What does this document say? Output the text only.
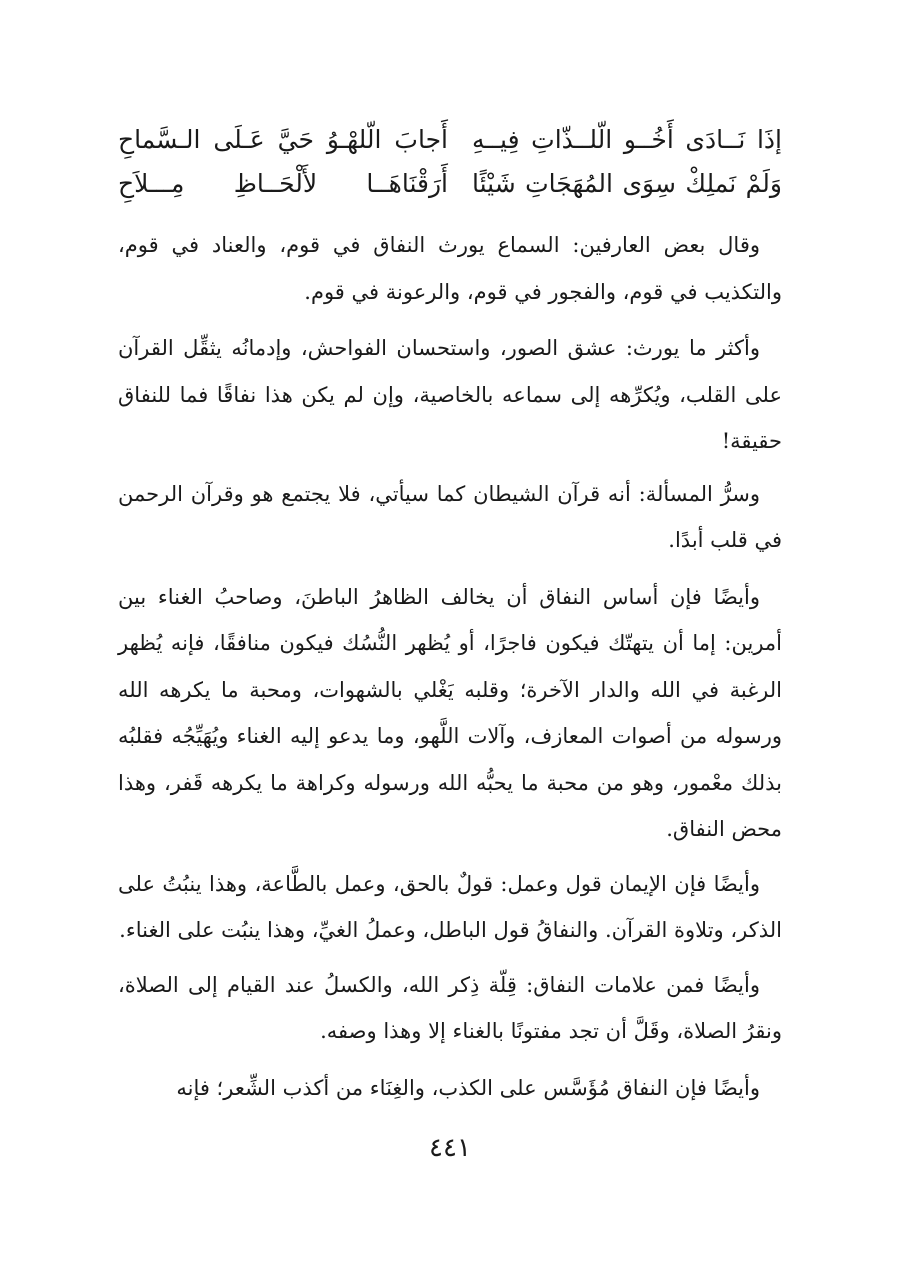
إذَا نَــادَى أَخُــو الّلــذّاتِ فِيــهِ
أَجابَ الّلهْـوُ حَيَّ عَـلَى الـسَّماحِ
وَلَمْ نَملِكْ سِوَى المُهَجَاتِ شَيْئًا
أَرَقْنَاهَــا لأَلْحَــاظِ مِـــلاَحِ

وقال بعض العارفين: السماع يورث النفاق في قوم، والعناد في قوم، والتكذيب في قوم، والفجور في قوم، والرعونة في قوم.

وأكثر ما يورث: عشق الصور، واستحسان الفواحش، وإدمانُه يثقِّل القرآن على القلب، ويُكرِّهه إلى سماعه بالخاصية، وإن لم يكن هذا نفاقًا فما للنفاق حقيقة!

وسرُّ المسألة: أنه قرآن الشيطان كما سيأتي، فلا يجتمع هو وقرآن الرحمن في قلب أبدًا.

وأيضًا فإن أساس النفاق أن يخالف الظاهرُ الباطنَ، وصاحبُ الغناء بين أمرين: إما أن يتهتّك فيكون فاجرًا، أو يُظهر النُّسُك فيكون منافقًا، فإنه يُظهر الرغبة في الله والدار الآخرة؛ وقلبه يَغْلي بالشهوات، ومحبة ما يكرهه الله ورسوله من أصوات المعازف، وآلات اللَّهو، وما يدعو إليه الغناء ويُهَيِّجُه فقلبُه بذلك معْمور، وهو من محبة ما يحبُّه الله ورسوله وكراهة ما يكرهه قَفر، وهذا محض النفاق.

وأيضًا فإن الإيمان قول وعمل: قولٌ بالحق، وعمل بالطَّاعة، وهذا ينبُتُ على الذكر، وتلاوة القرآن. والنفاقُ قول الباطل، وعملُ الغيِّ، وهذا ينبُت على الغناء.

وأيضًا فمن علامات النفاق: قِلّة ذِكر الله، والكسلُ عند القيام إلى الصلاة، ونقرُ الصلاة، وقَلَّ أن تجد مفتونًا بالغناء إلا وهذا وصفه.

وأيضًا فإن النفاق مُؤَسَّس على الكذب، والغِنَاء من أكذب الشِّعر؛ فإنه

٤٤١
